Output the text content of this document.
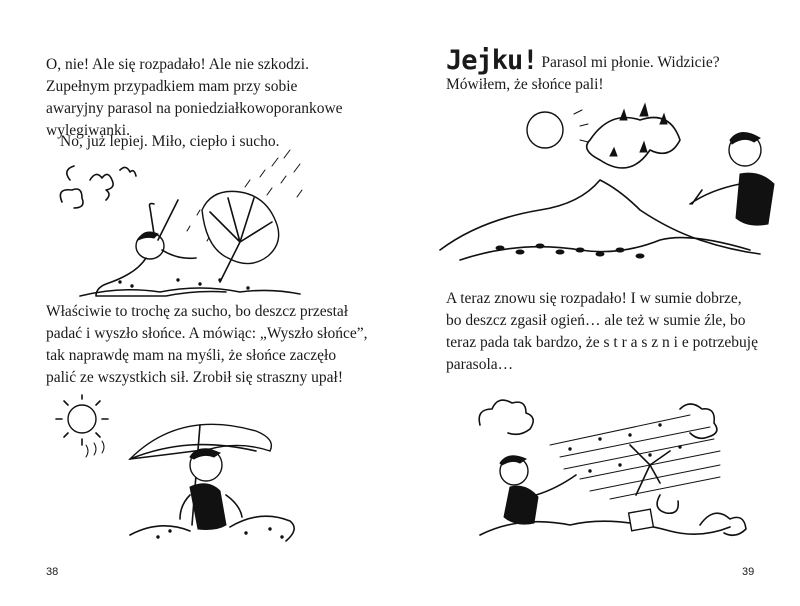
O, nie! Ale się rozpadało! Ale nie szkodzi.
Zupełnym przypadkiem mam przy sobie
awaryjny parasol na poniedziałkowoporankowe
wylegiwanki.

No, już lepiej. Miło, ciepło i sucho.

Właściwie to trochę za sucho, bo deszcz przestał
padać i wyszło słońce. A mówiąc: „Wyszło słońce”,
tak naprawdę mam na myśli, że słońce zaczęło
palić ze wszystkich sił. Zrobił się straszny upał!

38

Jejku! Parasol mi płonie. Widzicie?

Mówiłem, że słońce pali!

A teraz znowu się rozpadało! I w sumie dobrze,
bo deszcz zgasił ogień… ale też w sumie źle, bo
teraz pada tak bardzo, że s t r a s z n i e potrzebuję
parasola…

39
